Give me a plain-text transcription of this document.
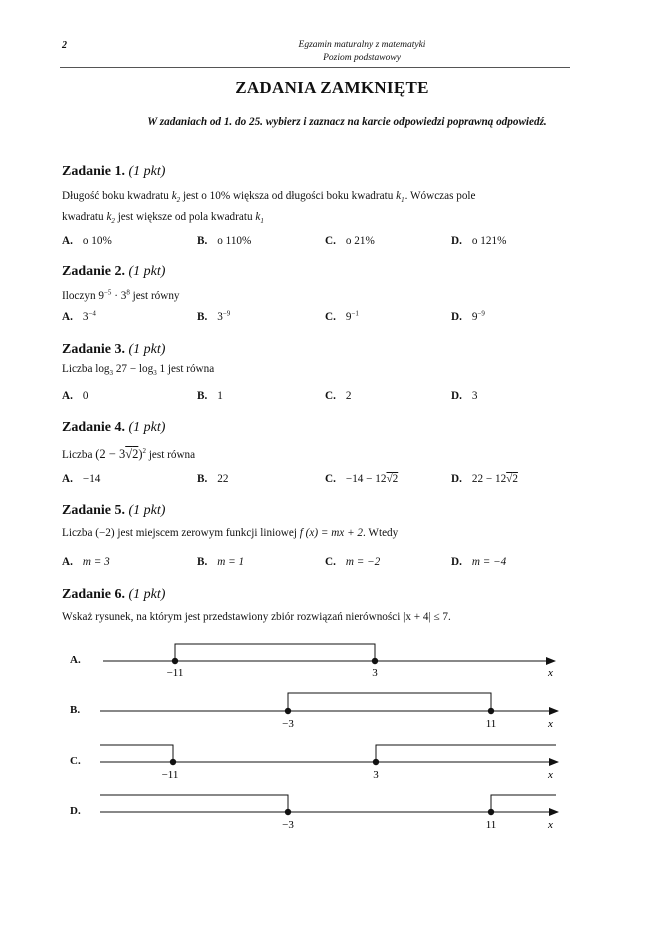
2	Egzamin maturalny z matematyki
Poziom podstawowy
ZADANIA ZAMKNIĘTE
W zadaniach od 1. do 25. wybierz i zaznacz na karcie odpowiedzi poprawną odpowiedź.
Zadanie 1. (1 pkt)
Długość boku kwadratu $k_2$ jest o 10% większa od długości boku kwadratu $k_1$. Wówczas pole
kwadratu $k_2$ jest większe od pola kwadratu $k_1$
A. o 10%	B. o 110%	C. o 21%	D. o 121%
Zadanie 2. (1 pkt)
Iloczyn $9^{-5} \cdot 3^8$ jest równy
A. $3^{-4}$	B. $3^{-9}$	C. $9^{-1}$	D. $9^{-9}$
Zadanie 3. (1 pkt)
Liczba $\log_3 27 - \log_3 1$ jest równa
A. 0	B. 1	C. 2	D. 3
Zadanie 4. (1 pkt)
Liczba $(2 - 3√2)^2$ jest równa
A. −14	B. 22	C. −14 − 12√2	D. 22 − 12√2
Zadanie 5. (1 pkt)
Liczba (−2) jest miejscem zerowym funkcji liniowej f (x) = mx + 2. Wtedy
A. m = 3	B. m = 1	C. m = −2	D. m = −4
Zadanie 6. (1 pkt)
Wskaż rysunek, na którym jest przedstawiony zbiór rozwiązań nierówności |x + 4| ≤ 7.
A.
B.
C.
D.
−11	3	x
−3	11	x
−11	3	x
−3	11	x
